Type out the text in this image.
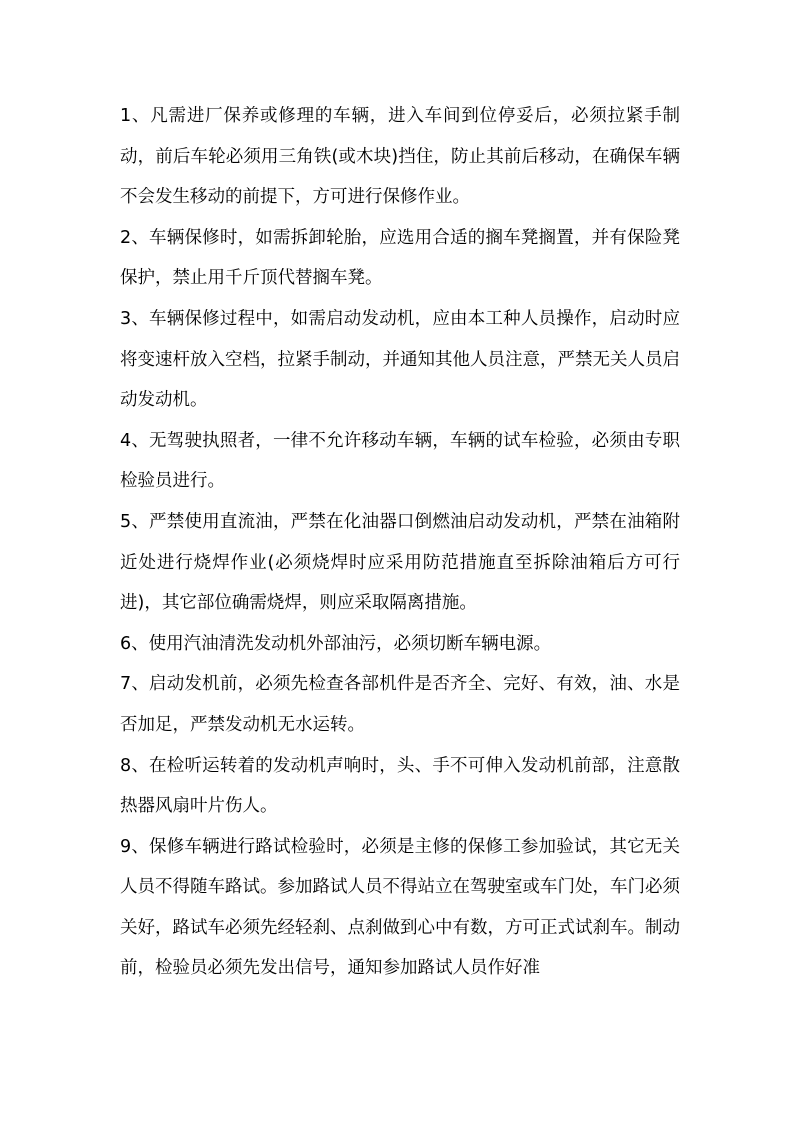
1、凡需进厂保养或修理的车辆，进入车间到位停妥后，必须拉紧手制动，前后车轮必须用三角铁(或木块)挡住，防止其前后移动，在确保车辆不会发生移动的前提下，方可进行保修作业。

2、车辆保修时，如需拆卸轮胎，应选用合适的搁车凳搁置，并有保险凳保护，禁止用千斤顶代替搁车凳。

3、车辆保修过程中，如需启动发动机，应由本工种人员操作，启动时应将变速杆放入空档，拉紧手制动，并通知其他人员注意，严禁无关人员启动发动机。

4、无驾驶执照者，一律不允许移动车辆，车辆的试车检验，必须由专职检验员进行。

5、严禁使用直流油，严禁在化油器口倒燃油启动发动机，严禁在油箱附近处进行烧焊作业(必须烧焊时应采用防范措施直至拆除油箱后方可行进)，其它部位确需烧焊，则应采取隔离措施。

6、使用汽油清洗发动机外部油污，必须切断车辆电源。

7、启动发机前，必须先检查各部机件是否齐全、完好、有效，油、水是否加足，严禁发动机无水运转。

8、在检听运转着的发动机声响时，头、手不可伸入发动机前部，注意散热器风扇叶片伤人。

9、保修车辆进行路试检验时，必须是主修的保修工参加验试，其它无关人员不得随车路试。参加路试人员不得站立在驾驶室或车门处，车门必须关好，路试车必须先经轻刹、点刹做到心中有数，方可正式试刹车。制动前，检验员必须先发出信号，通知参加路试人员作好准
